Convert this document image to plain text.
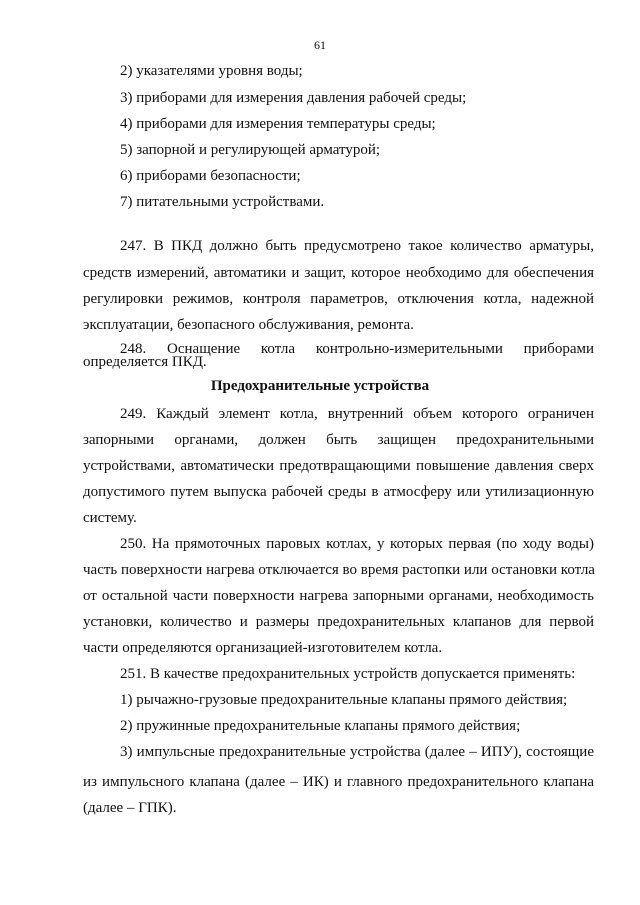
61
2) указателями уровня воды;
3) приборами для измерения давления рабочей среды;
4) приборами для измерения температуры среды;
5) запорной и регулирующей арматурой;
6) приборами безопасности;
7) питательными устройствами.
247. В ПКД должно быть предусмотрено такое количество арматуры,
средств измерений, автоматики и защит, которое необходимо для обеспечения
регулировки режимов, контроля параметров, отключения котла, надежной
эксплуатации, безопасного обслуживания, ремонта.
248. Оснащение котла контрольно-измерительными приборами
определяется ПКД.
Предохранительные устройства
249. Каждый элемент котла, внутренний объем которого ограничен
запорными органами, должен быть защищен предохранительными
устройствами, автоматически предотвращающими повышение давления сверх
допустимого путем выпуска рабочей среды в атмосферу или утилизационную
систему.
250. На прямоточных паровых котлах, у которых первая (по ходу воды)
часть поверхности нагрева отключается во время растопки или остановки котла
от остальной части поверхности нагрева запорными органами, необходимость
установки, количество и размеры предохранительных клапанов для первой
части определяются организацией-изготовителем котла.
251. В качестве предохранительных устройств допускается применять:
1) рычажно-грузовые предохранительные клапаны прямого действия;
2) пружинные предохранительные клапаны прямого действия;
3) импульсные предохранительные устройства (далее – ИПУ), состоящие
из импульсного клапана (далее – ИК) и главного предохранительного клапана
(далее – ГПК).
